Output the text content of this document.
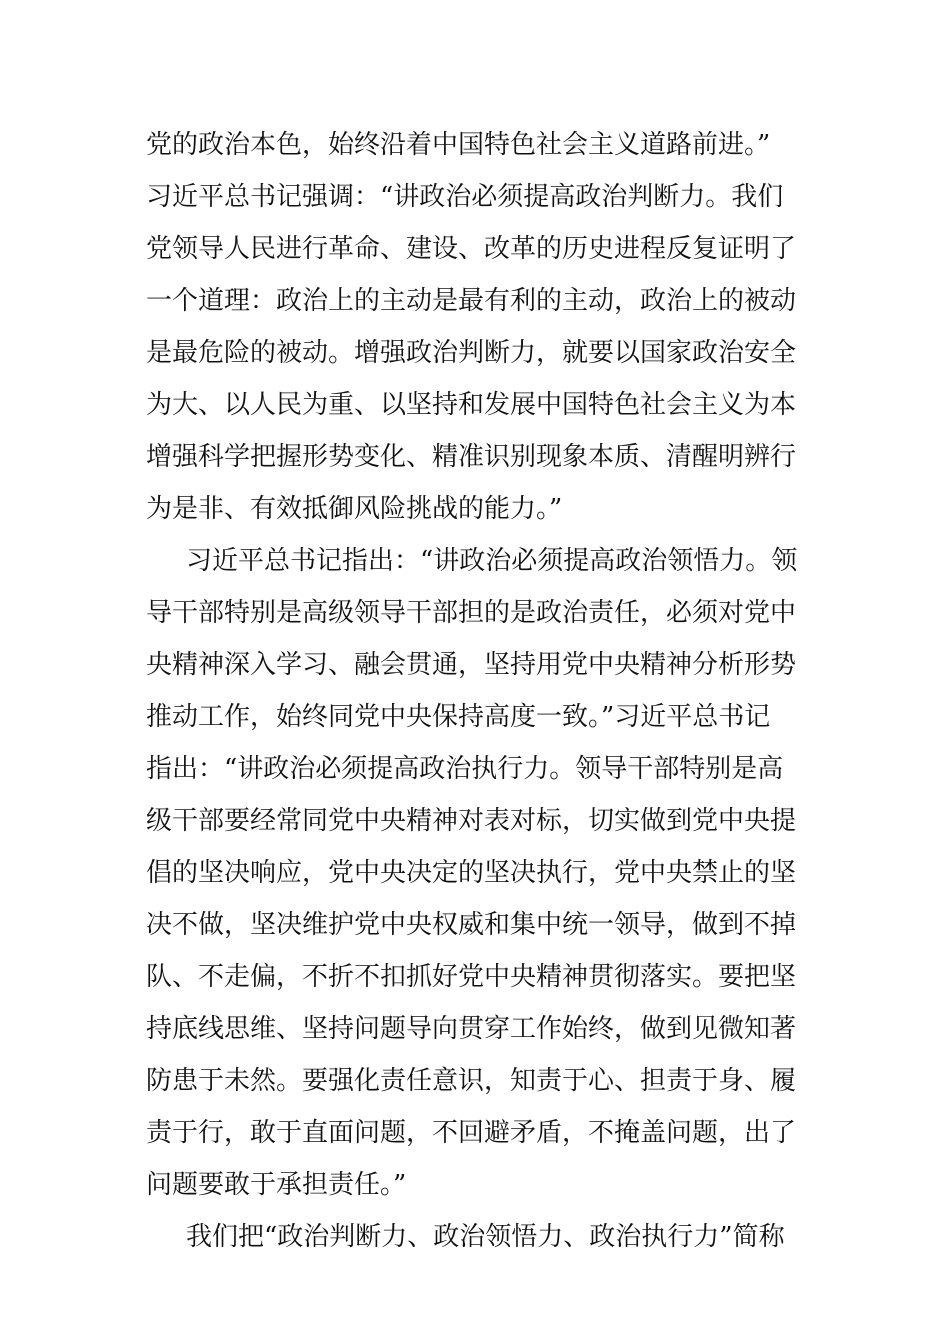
党的政治本色，始终沿着中国特色社会主义道路前进。”
习近平总书记强调：“讲政治必须提高政治判断力。我们
党领导人民进行革命、建设、改革的历史进程反复证明了
一个道理：政治上的主动是最有利的主动，政治上的被动
是最危险的被动。增强政治判断力，就要以国家政治安全
为大、以人民为重、以坚持和发展中国特色社会主义为本
增强科学把握形势变化、精准识别现象本质、清醒明辨行
为是非、有效抵御风险挑战的能力。”
习近平总书记指出：“讲政治必须提高政治领悟力。领
导干部特别是高级领导干部担的是政治责任，必须对党中
央精神深入学习、融会贯通，坚持用党中央精神分析形势
推动工作，始终同党中央保持高度一致。”习近平总书记
指出：“讲政治必须提高政治执行力。领导干部特别是高
级干部要经常同党中央精神对表对标，切实做到党中央提
倡的坚决响应，党中央决定的坚决执行，党中央禁止的坚
决不做，坚决维护党中央权威和集中统一领导，做到不掉
队、不走偏，不折不扣抓好党中央精神贯彻落实。要把坚
持底线思维、坚持问题导向贯穿工作始终，做到见微知著
防患于未然。要强化责任意识，知责于心、担责于身、履
责于行，敢于直面问题，不回避矛盾，不掩盖问题，出了
问题要敢于承担责任。”
我们把“政治判断力、政治领悟力、政治执行力”简称
